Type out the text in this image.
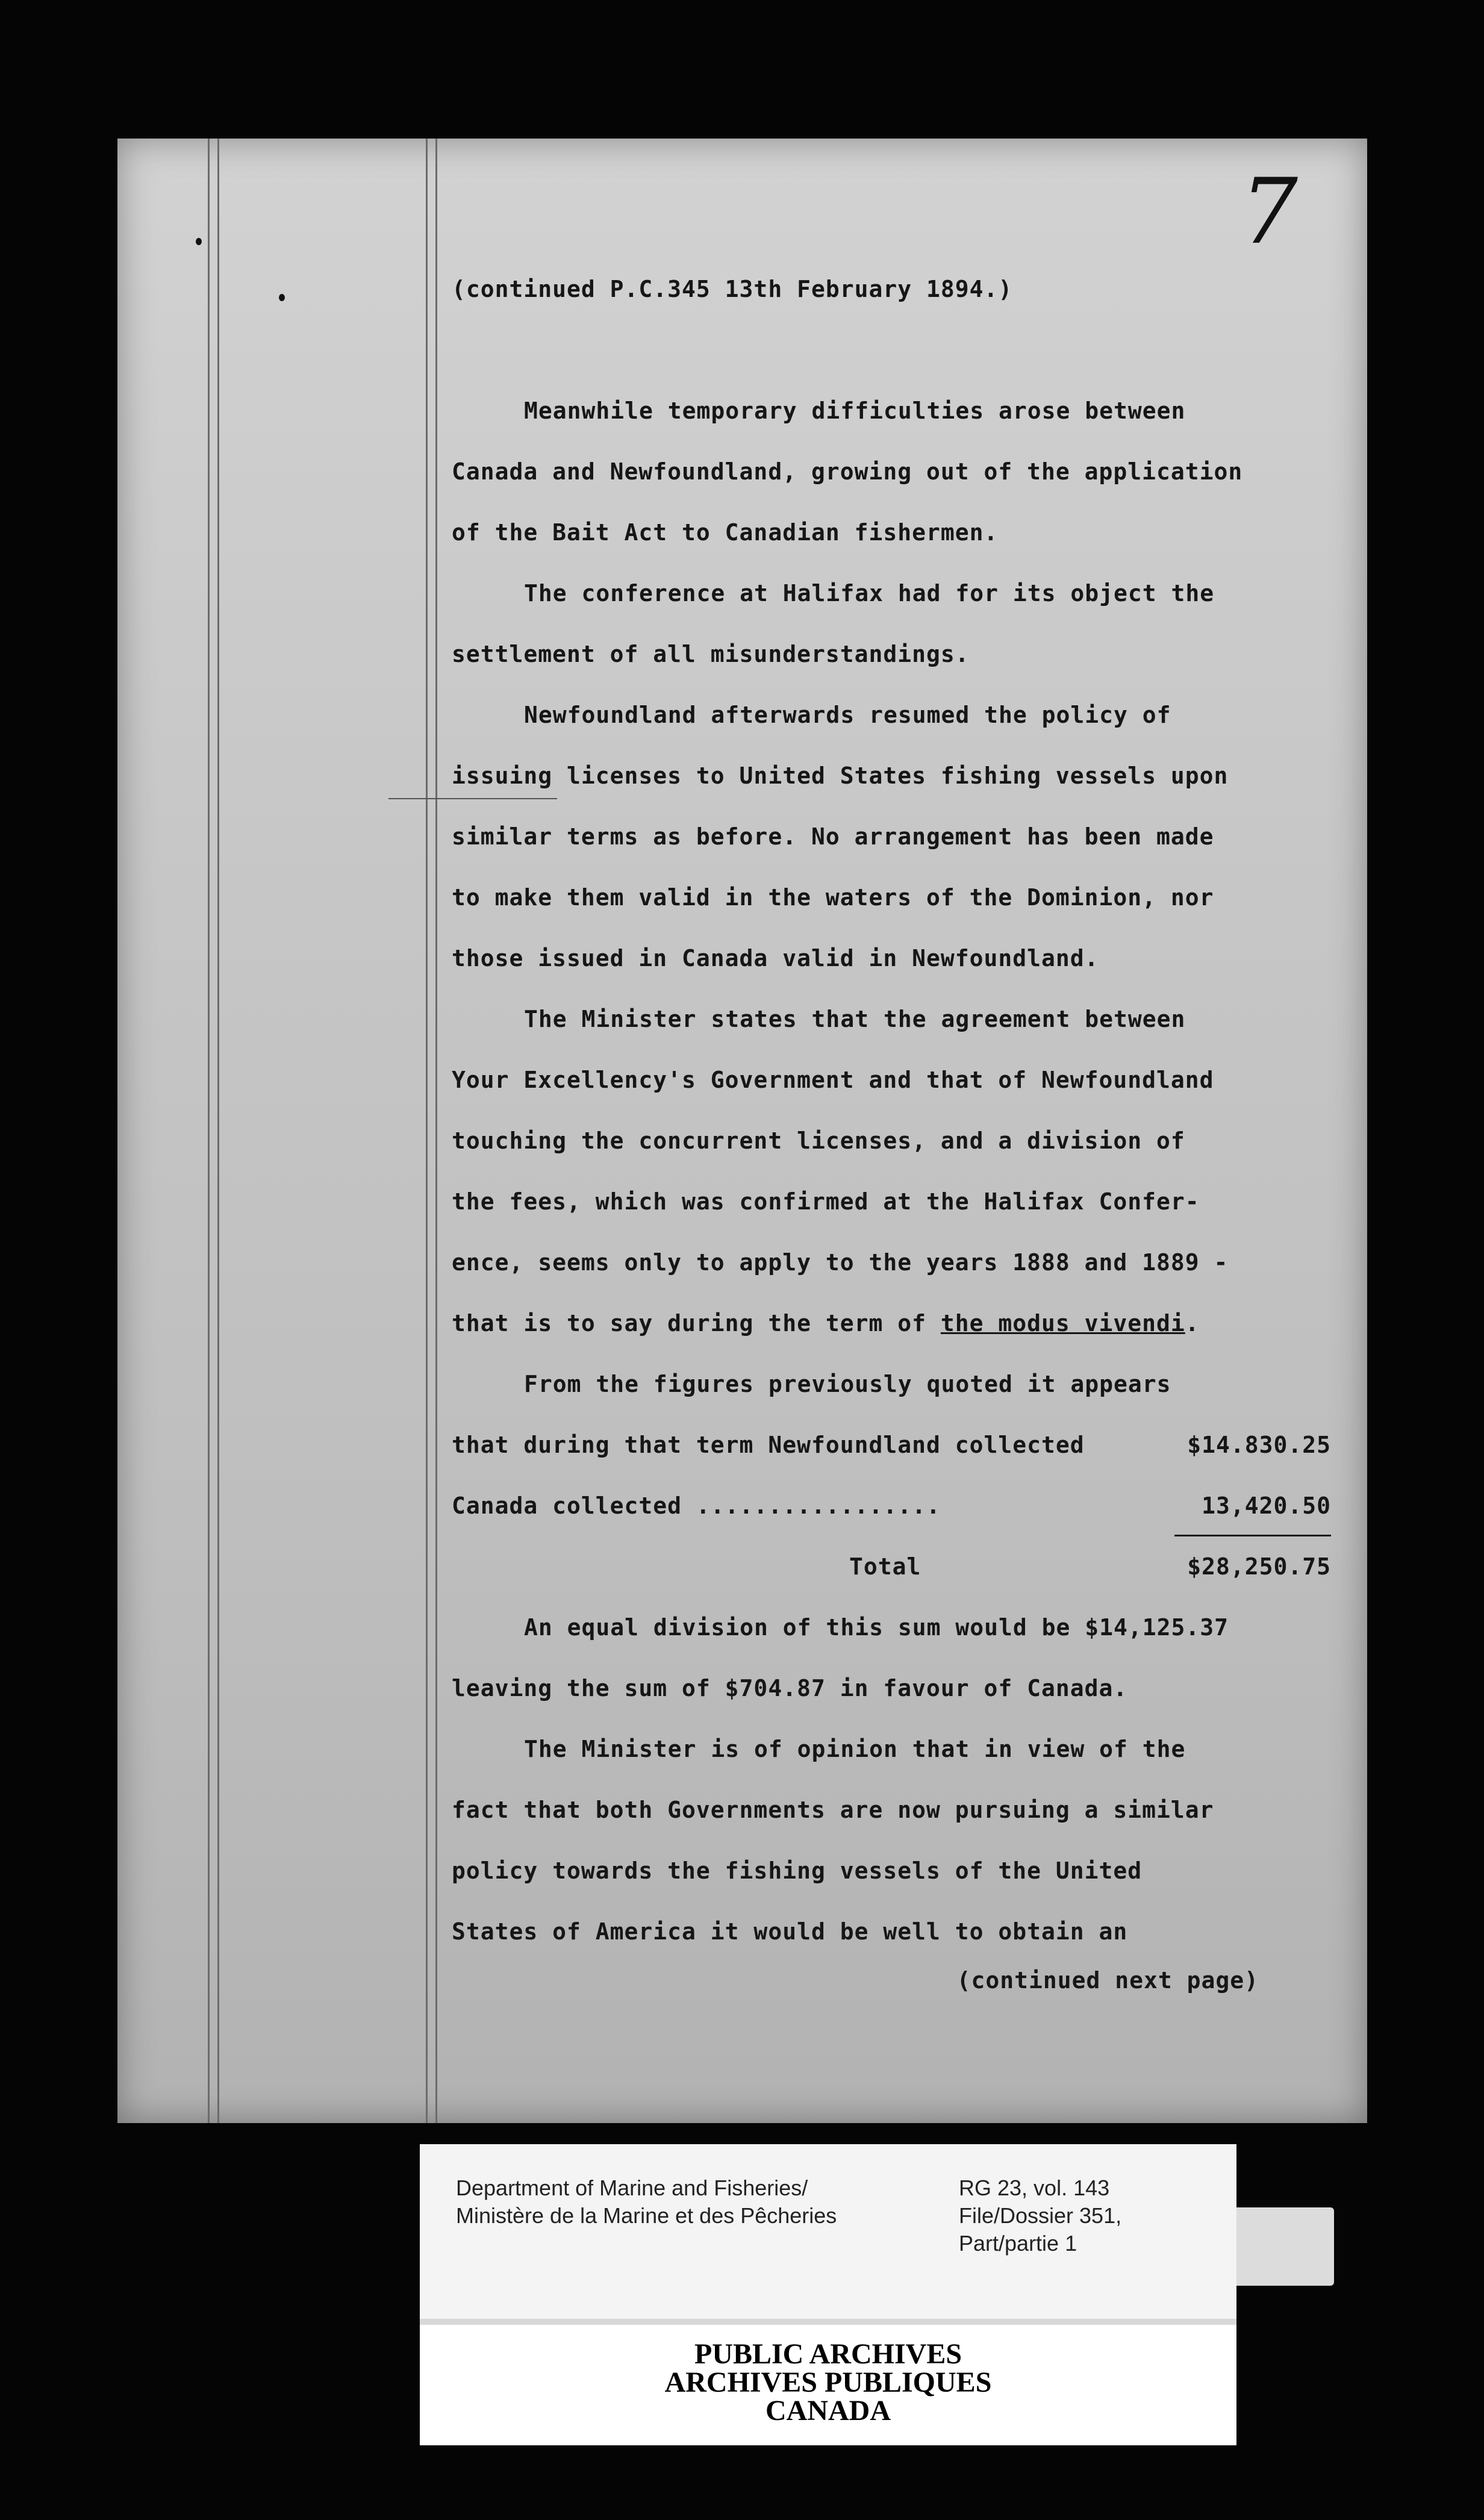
7

(continued P.C.345 13th February 1894.)

Meanwhile temporary difficulties arose between

Canada and Newfoundland, growing out of the application

of the Bait Act to Canadian fishermen.

The conference at Halifax had for its object the

settlement of all misunderstandings.

Newfoundland afterwards resumed the policy of

issuing licenses to United States fishing vessels upon

similar terms as before. No arrangement has been made

to make them valid in the waters of the Dominion, nor

those issued in Canada valid in Newfoundland.

The Minister states that the agreement between

Your Excellency's Government and that of Newfoundland

touching the concurrent licenses, and a division of

the fees, which was confirmed at the Halifax Confer-

ence, seems only to apply to the years 1888 and 1889 -

that is to say during the term of the modus vivendi.

From the figures previously quoted it appears

that during that term Newfoundland collected	$14.830.25
Canada collected .................	13,420.50
Total	$28,250.75

An equal division of this sum would be $14,125.37

leaving the sum of $704.87 in favour of Canada.

The Minister is of opinion that in view of the

fact that both Governments are now pursuing a similar

policy towards the fishing vessels of the United

States of America it would be well to obtain an

(continued next page)

Department of Marine and Fisheries/
Ministère de la Marine et des Pêcheries
RG 23, vol. 143
File/Dossier 351,
Part/partie 1
PUBLIC ARCHIVES
ARCHIVES PUBLIQUES
CANADA
